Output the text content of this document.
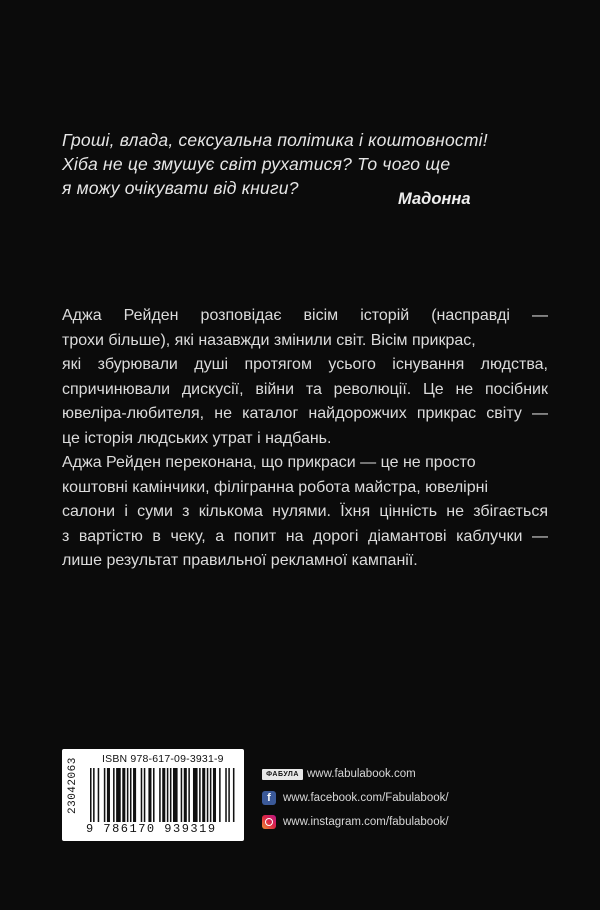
Гроші, влада, сексуальна політика і коштовності!
Хіба не це змушує світ рухатися? То чого ще
я можу очікувати від книги?
Мадонна
Аджа Рейден розповідає вісім історій (насправді —
трохи більше), які назавжди змінили світ. Вісім прикрас,
які збурювали душі протягом усього існування людства,
спричинювали дискусії, війни та революції. Це не посібник
ювеліра-любителя, не каталог найдорожчих прикрас світу —
це історія людських утрат і надбань.
Аджа Рейден переконана, що прикраси — це не просто
коштовні камінчики, філігранна робота майстра, ювелірні
салони і суми з кількома нулями. Їхня цінність не збігається
з вартістю в чеку, а попит на дорогі діамантові каблучки —
лише результат правильної рекламної кампанії.
ISBN 978-617-09-3931-9
23042063
9 786170 939319
ФАБУЛА www.fabulabook.com
f	www.facebook.com/Fabulabook/
www.instagram.com/fabulabook/
